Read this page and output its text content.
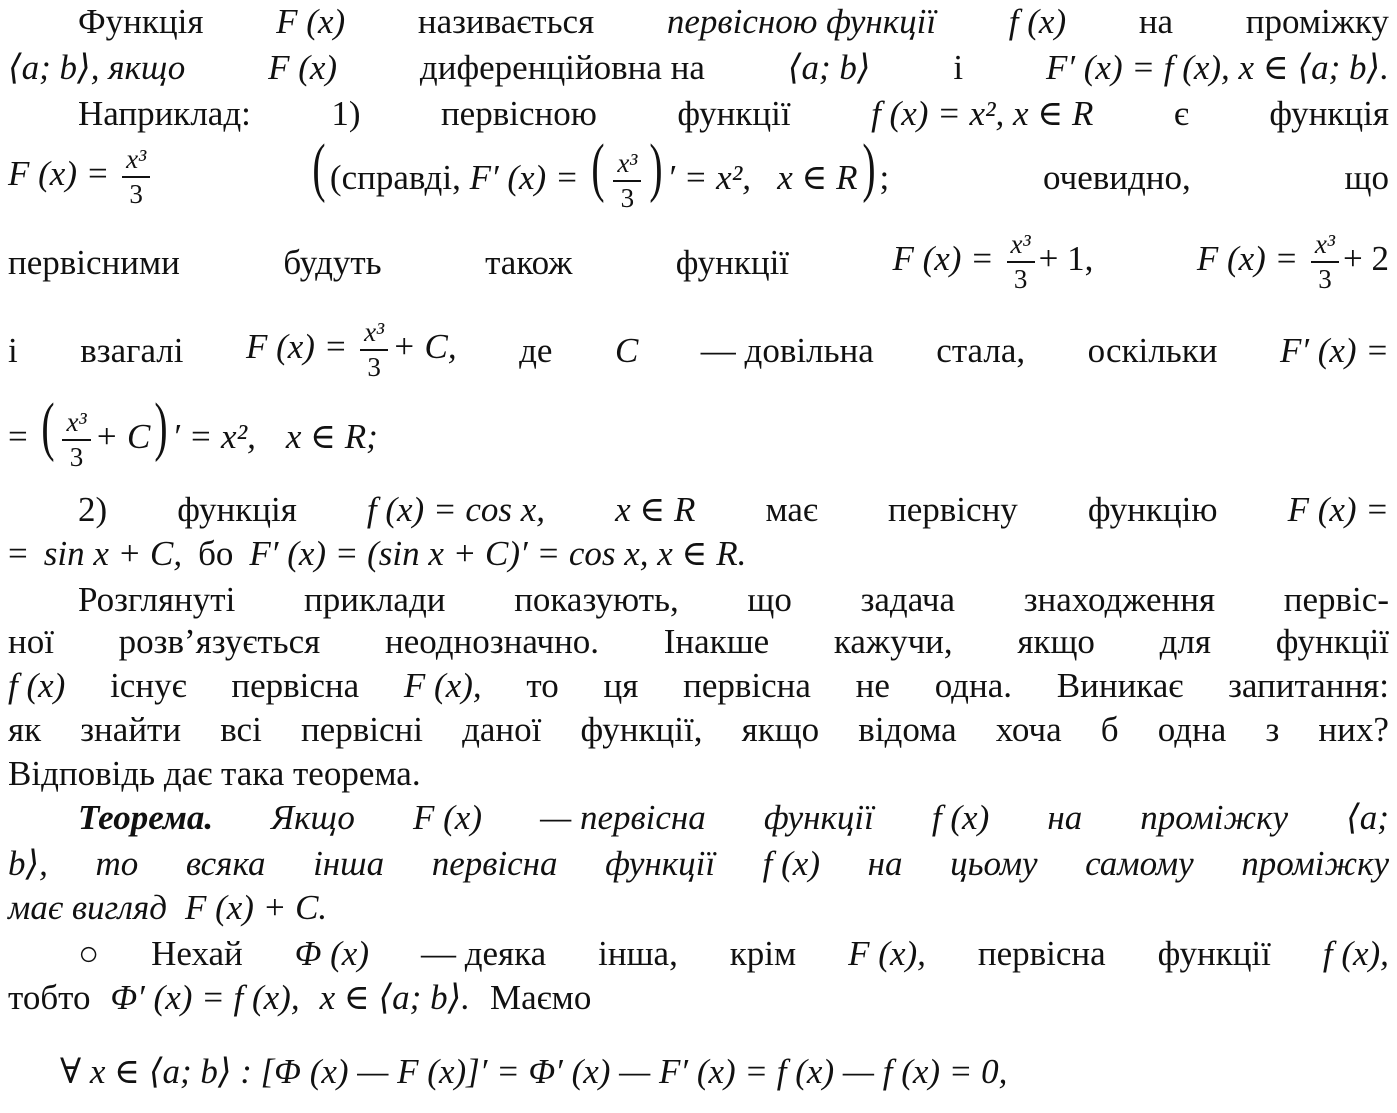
Функція F (x) називається первісною функції f (x) на проміжку
⟨a; b⟩, якщо F (x) диференційовна на ⟨a; b⟩ і F′ (x) = f (x), x ∈ ⟨a; b⟩.
Наприклад: 1) первісною функції f (x) = x², x ∈ R є функція
F $(x) = \frac{\text{x³}}{3}$ ( (справді, F′ (x) = ( $\frac{\text{x³}}{3}$ ) ′ = x², x ∈ R) ;	очевидно,	що
первісними	будуть	також	функції	F $(x) = \frac{\text{x³}}{3} + 1$,	F $(x) = \frac{\text{x³}}{3} + 2$
і взагалі F $(x) = \frac{\text{x³}}{3} + C$, де C — довільна стала, оскільки F′ (x) =
= ( $\frac{\text{x³}}{3} + C$) ′ = x², x ∈ R;
2) функція f (x) = cos x, x ∈ R має первісну функцію F (x) =
= sin x + C, бо F′ (x) = (sin x + C)′ = cos x, x ∈ R.
Розглянуті приклади показують, що задача знаходження первіс-
ної розв’язується неоднозначно. Інакше кажучи, якщо для функції
f (x) існує первісна F (x), то ця первісна не одна. Виникає запитання:
як знайти всі первісні даної функції, якщо відома хоча б одна з них?
Відповідь дає така теорема.
Теорема. Якщо F (x) — первісна функції f (x) на проміжку ⟨a;
b⟩, то всяка інша первісна функції f (x) на цьому самому проміжку
має вигляд F (x) + C.
○ Нехай Φ (x) — деяка інша, крім F (x), первісна функції f (x),
тобто Φ′ (x) = f (x), x ∈ ⟨a; b⟩. Маємо
∀ x ∈ ⟨a; b⟩ : [Φ (x) — F (x)]′ = Φ′ (x) — F′ (x) = f (x) — f (x) = 0,
